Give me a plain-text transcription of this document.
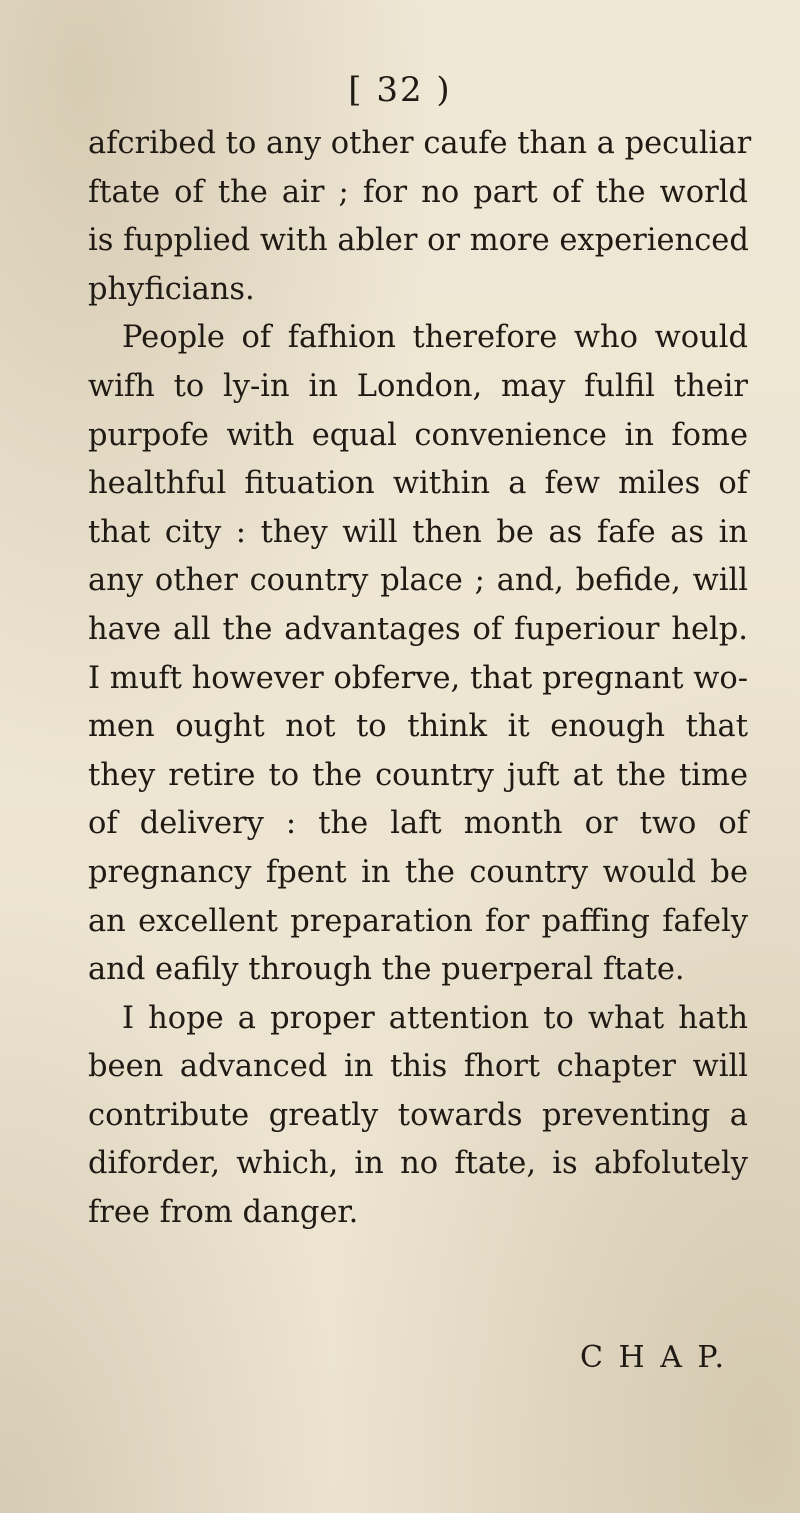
[ 32 )

afcribed to any other caufe than a peculiar
ftate of the air ; for no part of the world
is fupplied with abler or more experienced
phyficians.

People of fafhion therefore who would
wifh to ly-in in London, may fulfil their
purpofe with equal convenience in fome
healthful fituation within a few miles of
that city : they will then be as fafe as in
any other country place ; and, befide, will
have all the advantages of fuperiour help.
I muft however obferve, that pregnant wo-
men ought not to think it enough that
they retire to the country juft at the time
of delivery : the laft month or two of
pregnancy fpent in the country would be
an excellent preparation for paffing fafely
and eafily through the puerperal ftate.

I hope a proper attention to what hath
been advanced in this fhort chapter will
contribute greatly towards preventing a
diforder, which, in no ftate, is abfolutely
free from danger.

C H A P.
